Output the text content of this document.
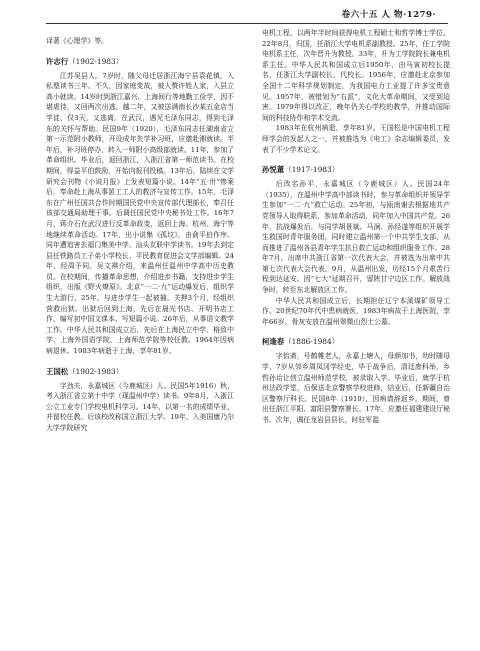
卷六十五 人 物·1279·

译著《心理学》等。

许志行（1902-1983）

江苏吴县人。7岁时，随父母迁居浙江海宁县袁花镇，入私塾读书三年。不久，因家庭变故，被人赘许姓人家，入县立高小就读。14岁时到浙江嘉兴、上海间行等地勤工俭学，因不堪虐待，又回两次出逃。越二年，又被送满南长沙某五金店当学徒，仅3天，又逃离。在武汉，遇见毛泽东同志，得到毛泽东的关怀与帮助。民国9年（1920），毛泽东同志任湖南省立第一示范附小教师，开设成年失学补习班，应邀赴湘就读。半年后，补习班停办，转入一师附小高级部就读。11年，参加了革命组织。毕业后，返回浙江，入浙江省第一师范读书。在校期间，得益平伯鼓励，开始向报刊投稿。13年后，陆续在文学研究会刊物《小说月报》上发表短篇小说。14年“五·卅”惨案后，奉命赴上海从事罢工工人的教济与宣传工作。15年，毛泽东在广州任国共合作时期国民党中央宣传部代理部长，奉召任该部交通局助理干事。后调任国民党中央秘书处工作。16年7月，蒋介石在武汉进行反革命政变，返回上海、杭州、海宁等地继续革命活动。17年，出小说集《孤坟》，由俞平伯作序。同年遭追害去福门集美中学、汕头友联中学读书。19年去到定县任铁路员工子弟小学校长、平民教育促进会文学部编辑。24年，经周予同、吴文祺介绍，来温州任温州中学高中历史教员。在校期间，传播革命思想，介绍进步书籍，支持进步学生组织，出版《野火燎原》。北京“一二·九”运动爆发后，组织学生大游行。25年，与进步学生一起被捕。关押3个月，经组织营救出狱。出狱后回到上海，先后在晨光书店、开明书店工作，编写初中国文课本、写短篇小说。26年后，从事语文教学工作。中华人民共和国成立后，先后在上海民立中学、格致中学、上海外国语学院、上海师范学院等校任教。1964年因病病退休。1983年病逝于上海，享年81岁。

王国松（1902-1983）

字劲夫，永嘉城区（今鹿城区）人。民国5年1916）秋，考入浙江省立第十中学（现温州中学）读书。9年8月，入浙江公立工业专门学校电机科学习。14年，以第一名的成绩毕业，并留校任教。后该校改称国立浙江大学。19年，入美国康乃尔大学学院研究

电机工程，以两年半时间获得电机工程硕士和哲学博士学位。22年8月，归国，任浙江大学电机系副教授。25年，任工学院电机系主任，次年晋升为教授。33年，升为工学院院长兼电机系主任。中华人民共和国成立后1950年，由马寅初校长提名，任浙江大学副校长、代校长。1956年，应邀赴北京参加全国十二年科学规划制定，为我国电力工业提了许多宝贵意见。1957年，被错划为“右派”，文化大革命期间，又受到迫害。1979年得以改正，晚年仍关心学校的教学，并推动国际间的科技协作和学术交流。

1983年在杭州病逝，享年81岁。王国松是中国电机工程师学会的发起人之一，并被推选为《电工》杂志编辑委员，发表了不少学术论文。

孙悦董（1917-1983）

后改名孙平，永嘉城区（今鹿城区）人。民国24年（1935），在温州中学高中部读书时，参与革命组织并领导学生参加“一二·九”救亡运动。25年初，与瓯南谢去根据地共产党领导人取得联系，参加革命活动，同年加入中国共产党。26年，抗战爆发后，与同学胡景斌、马涧、孙经遂等组织开展学生救国时青年服务团，同时建立温州第一个中共学生支部，从而推进了温州各县青年学生抗日救亡运动和组织服务工作。28年7月，出席中共浙江省第一次代表大会，并被选为出席中共第七次代表大会代表。9月，从温州出发，历经15个月艰苦行程到达延安。因“七大”延期召开，留陕甘宁边区工作。解放战争时，转至东北解放区工作。

中华人民共和国成立后，长期担任辽宁本溪煤矿领导工作。20世纪70年代中患病就医，1983年病故于上海医院，享年66岁。骨灰安放在温州翠微山烈士公墓。

柯逢春（1886-1984）

字怡斋，号鹤帷老人，永嘉上塘人，母颜加书，幼时随母学，7岁从邻乡周凤冈学经史，毕于战争后，清廷废科举，乡哲孙诒让创立温州师范学校，被录取入学。毕业后，就学于杭州法政学堂，后保送北京警察学校进修，结业后，任新疆自治区警察厅科长。民国8年（1919），因病请辞返乡。期间，曾出任浙江平阳、富阳县警察署长。17年，应邀任福建建设厅秘书。次年，调任龙岩县县长，时驻军滥
